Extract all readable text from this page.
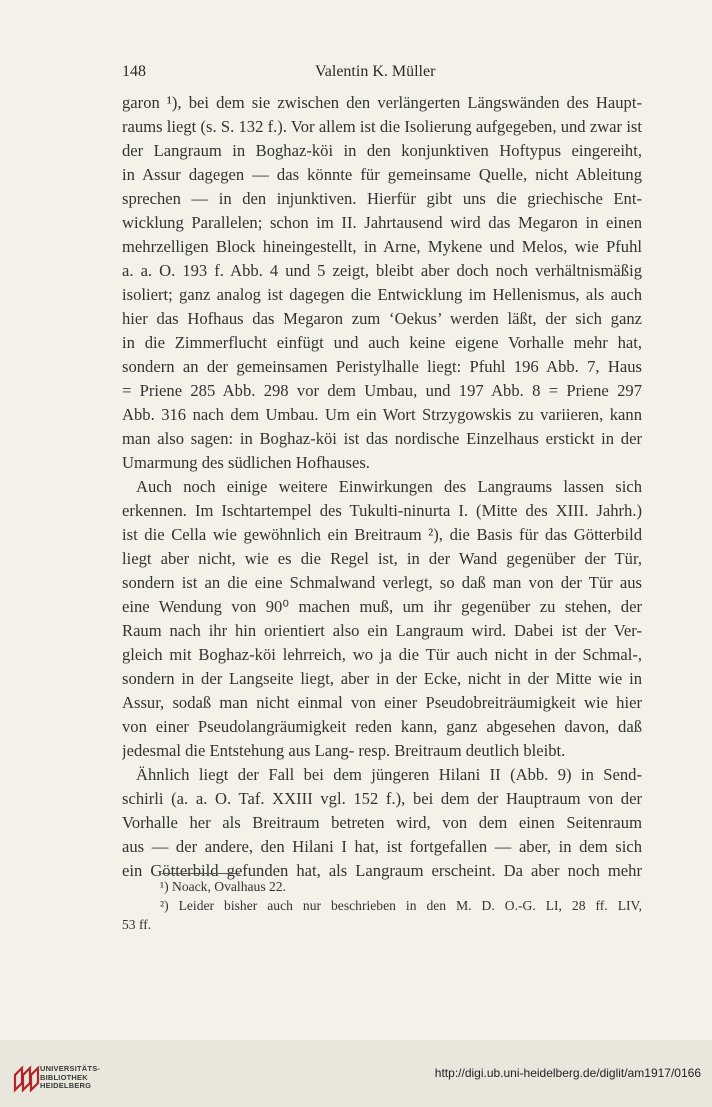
148	Valentin K. Müller
garon ¹), bei dem sie zwischen den verlängerten Längswänden des Haupt-
raums liegt (s. S. 132 f.). Vor allem ist die Isolierung aufgegeben, und zwar ist
der Langraum in Boghaz-köi in den konjunktiven Hoftypus eingereiht,
in Assur dagegen — das könnte für gemeinsame Quelle, nicht Ableitung
sprechen — in den injunktiven. Hierfür gibt uns die griechische Ent-
wicklung Parallelen; schon im II. Jahrtausend wird das Megaron in einen
mehrzelligen Block hineingestellt, in Arne, Mykene und Melos, wie Pfuhl
a. a. O. 193 f. Abb. 4 und 5 zeigt, bleibt aber doch noch verhältnismäßig
isoliert; ganz analog ist dagegen die Entwicklung im Hellenismus, als auch
hier das Hofhaus das Megaron zum ‘Oekus’ werden läßt, der sich ganz
in die Zimmerflucht einfügt und auch keine eigene Vorhalle mehr hat,
sondern an der gemeinsamen Peristylhalle liegt: Pfuhl 196 Abb. 7, Haus
= Priene 285 Abb. 298 vor dem Umbau, und 197 Abb. 8 = Priene 297
Abb. 316 nach dem Umbau. Um ein Wort Strzygowskis zu variieren, kann
man also sagen: in Boghaz-köi ist das nordische Einzelhaus erstickt in der
Umarmung des südlichen Hofhauses.
Auch noch einige weitere Einwirkungen des Langraums lassen sich
erkennen. Im Ischtartempel des Tukulti-ninurta I. (Mitte des XIII. Jahrh.)
ist die Cella wie gewöhnlich ein Breitraum ²), die Basis für das Götterbild
liegt aber nicht, wie es die Regel ist, in der Wand gegenüber der Tür,
sondern ist an die eine Schmalwand verlegt, so daß man von der Tür aus
eine Wendung von 90⁰ machen muß, um ihr gegenüber zu stehen, der
Raum nach ihr hin orientiert also ein Langraum wird. Dabei ist der Ver-
gleich mit Boghaz-köi lehrreich, wo ja die Tür auch nicht in der Schmal-,
sondern in der Langseite liegt, aber in der Ecke, nicht in der Mitte wie in
Assur, sodaß man nicht einmal von einer Pseudobreiträumigkeit wie hier
von einer Pseudolangräumigkeit reden kann, ganz abgesehen davon, daß
jedesmal die Entstehung aus Lang- resp. Breitraum deutlich bleibt.
Ähnlich liegt der Fall bei dem jüngeren Hilani II (Abb. 9) in Send-
schirli (a. a. O. Taf. XXIII vgl. 152 f.), bei dem der Hauptraum von der
Vorhalle her als Breitraum betreten wird, von dem einen Seitenraum
aus — der andere, den Hilani I hat, ist fortgefallen — aber, in dem sich
ein Götterbild gefunden hat, als Langraum erscheint. Da aber noch mehr
¹) Noack, Ovalhaus 22.
²) Leider bisher auch nur beschrieben in den M. D. O.-G. LI, 28 ff. LIV,
53 ff.
UNIVERSITÄTS-
BIBLIOTHEK
HEIDELBERG
http://digi.ub.uni-heidelberg.de/diglit/am1917/0166
